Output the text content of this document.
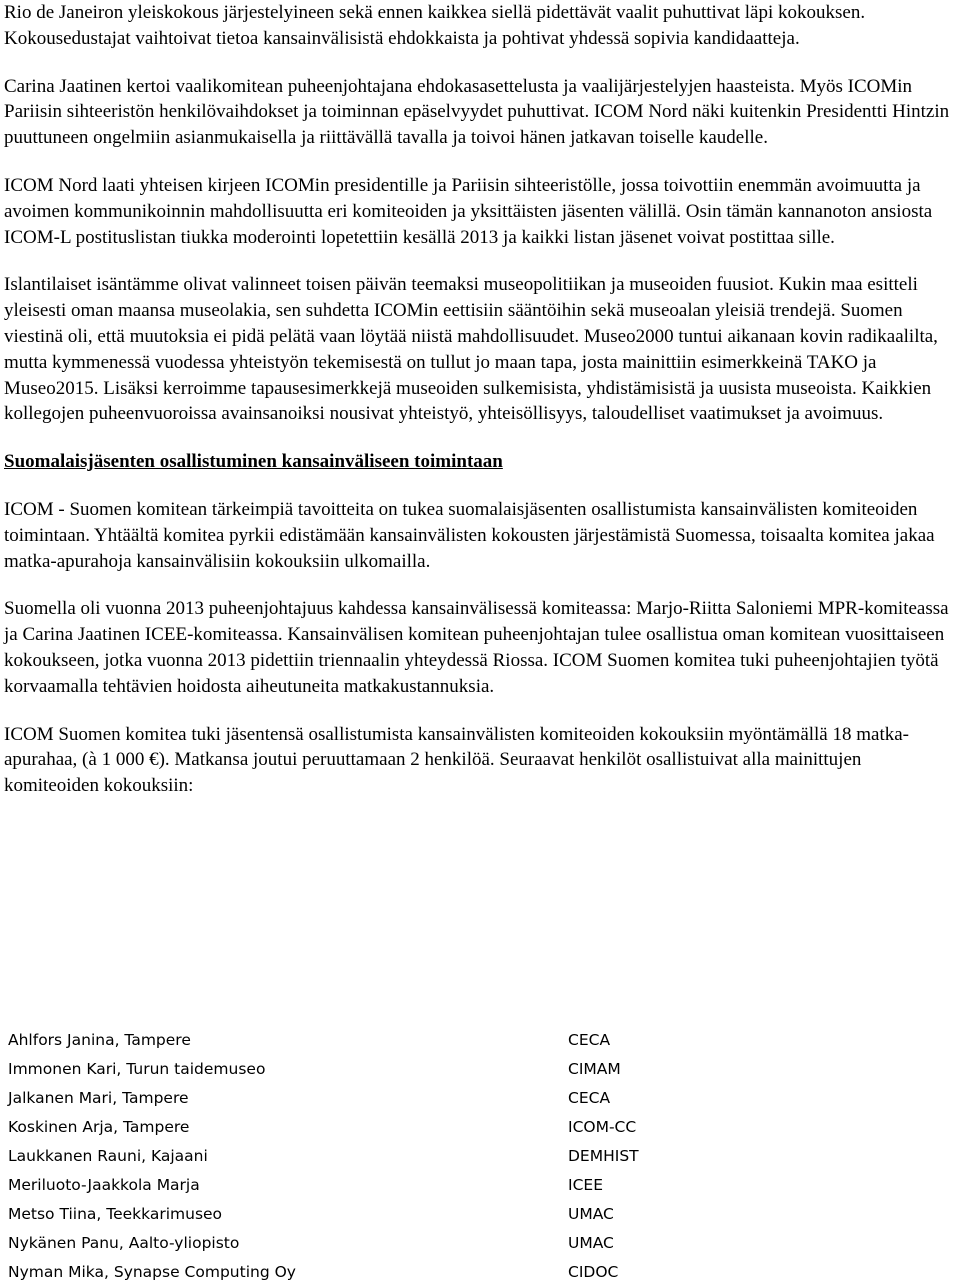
Rio de Janeiron yleiskokous järjestelyineen sekä ennen kaikkea siellä pidettävät vaalit puhuttivat läpi kokouksen. Kokousedustajat vaihtoivat tietoa kansainvälisistä ehdokkaista ja pohtivat yhdessä sopivia kandidaatteja.

Carina Jaatinen kertoi vaalikomitean puheenjohtajana ehdokasasettelusta ja vaalijärjestelyjen haasteista. Myös ICOMin Pariisin sihteeristön henkilövaihdokset ja toiminnan epäselvyydet puhuttivat. ICOM Nord näki kuitenkin Presidentti Hintzin puuttuneen ongelmiin asianmukaisella ja riittävällä tavalla ja toivoi hänen jatkavan toiselle kaudelle.

ICOM Nord laati yhteisen kirjeen ICOMin presidentille ja Pariisin sihteeristölle, jossa toivottiin enemmän avoimuutta ja avoimen kommunikoinnin mahdollisuutta eri komiteoiden ja yksittäisten jäsenten välillä. Osin tämän kannanoton ansiosta ICOM-L postituslistan tiukka moderointi lopetettiin kesällä 2013 ja kaikki listan jäsenet voivat postittaa sille.

Islantilaiset isäntämme olivat valinneet toisen päivän teemaksi museopolitiikan ja museoiden fuusiot. Kukin maa esitteli yleisesti oman maansa museolakia, sen suhdetta ICOMin eettisiin sääntöihin sekä museoalan yleisiä trendejä. Suomen viestinä oli, että muutoksia ei pidä pelätä vaan löytää niistä mahdollisuudet. Museo2000 tuntui aikanaan kovin radikaalilta, mutta kymmenessä vuodessa yhteistyön tekemisestä on tullut jo maan tapa, josta mainittiin esimerkkeinä TAKO ja Museo2015. Lisäksi kerroimme tapausesimerkkejä museoiden sulkemisista, yhdistämisistä ja uusista museoista. Kaikkien kollegojen puheenvuoroissa avainsanoiksi nousivat yhteistyö, yhteisöllisyys, taloudelliset vaatimukset ja avoimuus.

Suomalaisjäsenten osallistuminen kansainväliseen toimintaan

ICOM - Suomen komitean tärkeimpiä tavoitteita on tukea suomalaisjäsenten osallistumista kansainvälisten komiteoiden toimintaan. Yhtäältä komitea pyrkii edistämään kansainvälisten kokousten järjestämistä Suomessa, toisaalta komitea jakaa matka-apurahoja kansainvälisiin kokouksiin ulkomailla.

Suomella oli vuonna 2013 puheenjohtajuus kahdessa kansainvälisessä komiteassa: Marjo-Riitta Saloniemi MPR-komiteassa ja Carina Jaatinen ICEE-komiteassa. Kansainvälisen komitean puheenjohtajan tulee osallistua oman komitean vuosittaiseen kokoukseen, jotka vuonna 2013 pidettiin triennaalin yhteydessä Riossa. ICOM Suomen komitea tuki puheenjohtajien työtä korvaamalla tehtävien hoidosta aiheutuneita matkakustannuksia.

ICOM Suomen komitea tuki jäsentensä osallistumista kansainvälisten komiteoiden kokouksiin myöntämällä 18 matka-apurahaa, (à 1 000 €). Matkansa joutui peruuttamaan 2 henkilöä. Seuraavat henkilöt osallistuivat alla mainittujen komiteoiden kokouksiin:

Ahlfors Janina, Tampere	CECA
Immonen Kari, Turun taidemuseo	CIMAM
Jalkanen Mari, Tampere	CECA
Koskinen Arja, Tampere	ICOM-CC
Laukkanen Rauni, Kajaani	DEMHIST
Meriluoto-Jaakkola Marja	ICEE
Metso Tiina, Teekkarimuseo	UMAC
Nykänen Panu, Aalto-yliopisto	UMAC
Nyman Mika, Synapse Computing Oy	CIDOC
